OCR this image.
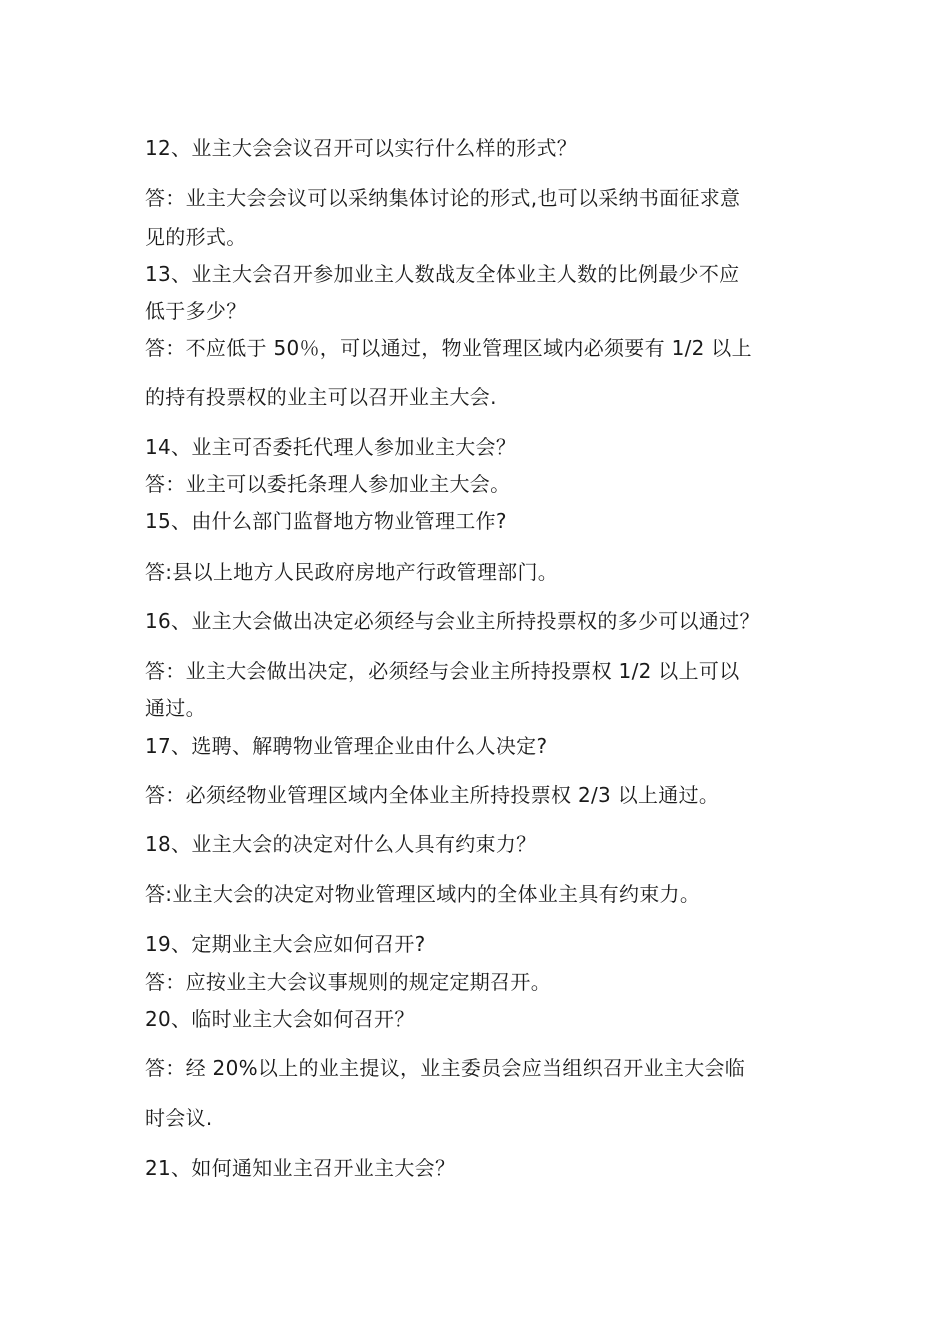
12、业主大会会议召开可以实行什么样的形式？
答：业主大会会议可以采纳集体讨论的形式,也可以采纳书面征求意
见的形式。
13、业主大会召开参加业主人数战友全体业主人数的比例最少不应
低于多少？
答：不应低于 50％，可以通过，物业管理区域内必须要有 1/2 以上
的持有投票权的业主可以召开业主大会.
14、业主可否委托代理人参加业主大会？
答：业主可以委托条理人参加业主大会。
15、由什么部门监督地方物业管理工作?
答:县以上地方人民政府房地产行政管理部门。
16、业主大会做出决定必须经与会业主所持投票权的多少可以通过？
答：业主大会做出决定，必须经与会业主所持投票权 1/2 以上可以
通过。
17、选聘、解聘物业管理企业由什么人决定?
答：必须经物业管理区域内全体业主所持投票权 2/3 以上通过。
18、业主大会的决定对什么人具有约束力？
答:业主大会的决定对物业管理区域内的全体业主具有约束力。
19、定期业主大会应如何召开?
答：应按业主大会议事规则的规定定期召开。
20、临时业主大会如何召开？
答：经 20%以上的业主提议，业主委员会应当组织召开业主大会临
时会议.
21、如何通知业主召开业主大会？
